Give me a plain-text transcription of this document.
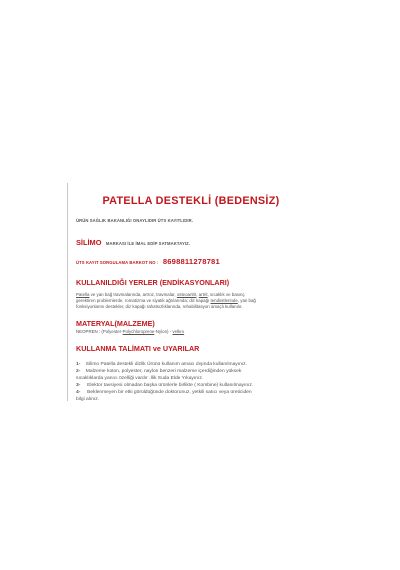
PATELLA DESTEKLİ (BEDENSİZ)
ÜRÜN SAĞLIK BAKANLIĞI ONAYLIDIR ÜTS KAYITLIDIR.
SİLİMO MARKASI İLE İMAL EDİP SATMAKTAYIZ.
ÜTS KAYIT SORGULAMA BARKOT NO : 8698811278781
KULLANILDIĞI YERLER (ENDİKASYONLARI)
Patella ve yan bağ travmalarında, artroz, travmalar, osteoartrit, artrit, sıcaklık ve basınç
gerektiren problemlerde, romatizma ve siyatik ağrılarında; diz kapağı tendinitlerinde, yan bağ
fonksiyonlarını destekler, diz kapağı rahatsızlıklarında, rehabilitasyon amaçlı kullanılır.
MATERYAL(MALZEME)
NEOPREN : (Polyester-Polychloroprene-Nylon) - velkro
KULLANMA TALİMATI ve UYARILAR
1-    Silimo Patella destekli dizlik Ürünü kullanım amacı dışında kullanılmayınız.
2-    Malzeme koton, polyester, naylon benzeri malzeme içerdiğinden yüksek
sıcaklıklarda yanıcı özelliği vardır .İlik Suda Elde Yıkayınız.
3-     Elektor tavsiyesi olmadan başka ürünlerle birlikte ( Kombine) kullanılmayınız.
4-     Beklenmeyen bir etki görüldüğünde doktorunuz, yetkili satıcı veya üreticiden
bilgi alınız.
